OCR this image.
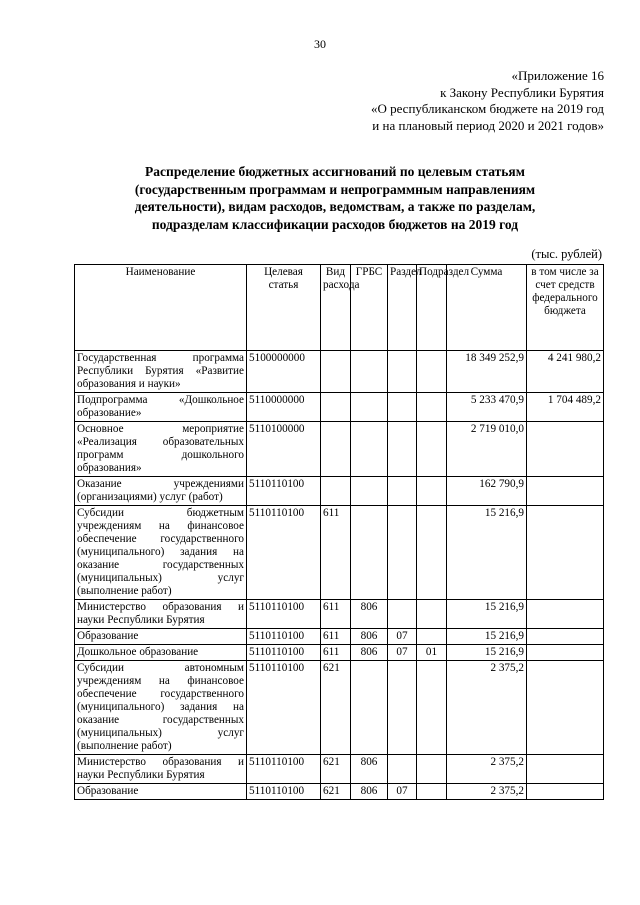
30
«Приложение 16
к Закону Республики Бурятия
«О республиканском бюджете на 2019 год
и на плановый период 2020 и 2021 годов»
Распределение бюджетных ассигнований по целевым статьям
(государственным программам и непрограммным направлениям
деятельности), видам расходов, ведомствам, а также по разделам,
подразделам классификации расходов бюджетов на 2019 год
(тыс. рублей)
Наименование	Целевая статья	Вид расхода	ГРБС	Раздел	Подраздел	Сумма	в том числе за счет средств федерального бюджета
Государственная программа Республики Бурятия «Развитие образования и науки»	5100000000					18 349 252,9	4 241 980,2
Подпрограмма «Дошкольное образование»	5110000000					5 233 470,9	1 704 489,2
Основное мероприятие «Реализация образовательных программ дошкольного образования»	5110100000					2 719 010,0	
Оказание учреждениями (организациями) услуг (работ)	5110110100					162 790,9	
Субсидии бюджетным учреждениям на финансовое обеспечение государственного (муниципального) задания на оказание государственных (муниципальных) услуг (выполнение работ)	5110110100	611				15 216,9	
Министерство образования и науки Республики Бурятия	5110110100	611	806			15 216,9	
Образование	5110110100	611	806	07		15 216,9	
Дошкольное образование	5110110100	611	806	07	01	15 216,9	
Субсидии автономным учреждениям на финансовое обеспечение государственного (муниципального) задания на оказание государственных (муниципальных) услуг (выполнение работ)	5110110100	621				2 375,2	
Министерство образования и науки Республики Бурятия	5110110100	621	806			2 375,2	
Образование	5110110100	621	806	07		2 375,2	
